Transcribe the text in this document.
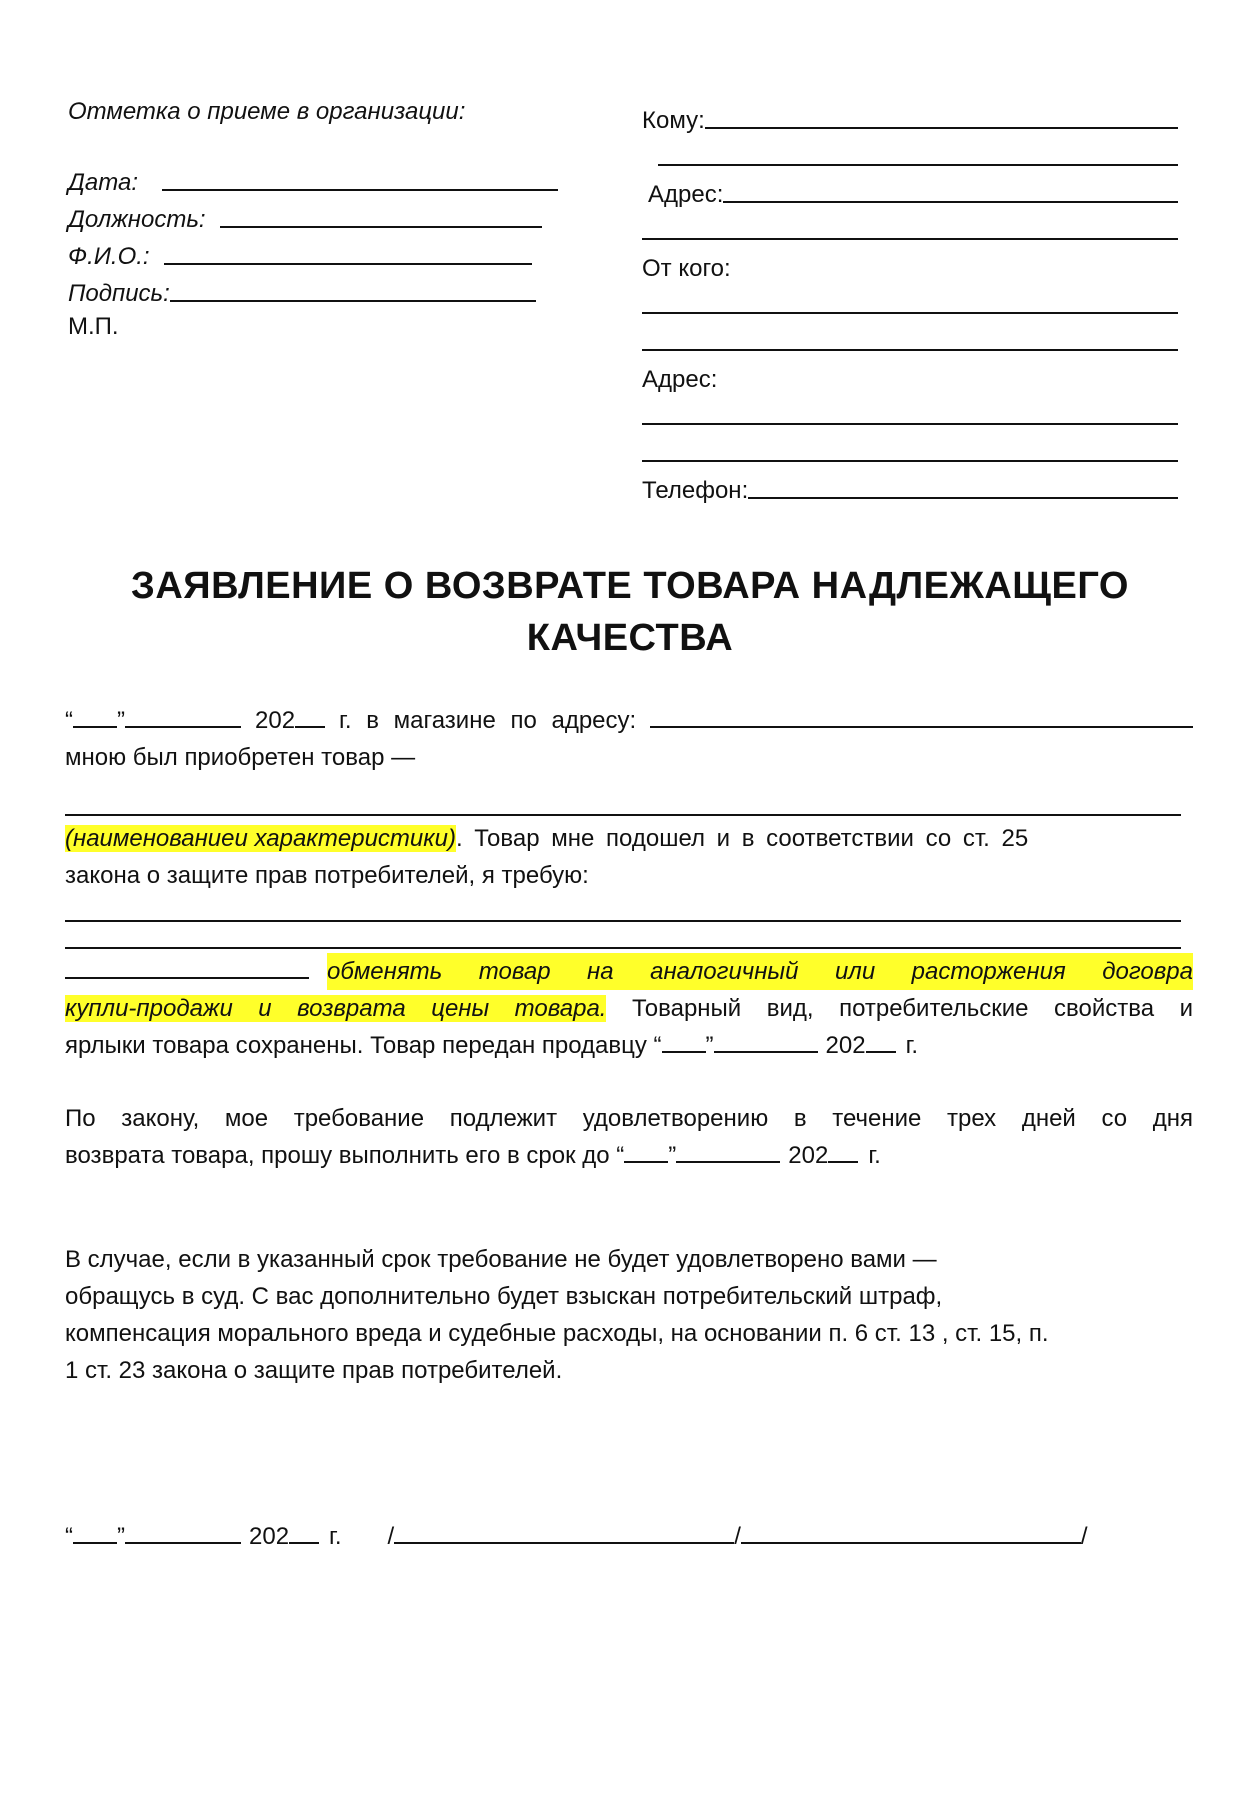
Отметка о приеме в организации:
Дата:
Должность:
Ф.И.О.:
Подпись:
М.П.
Кому:
Адрес:
От кого:
Адрес:
Телефон:
ЗАЯВЛЕНИЕ О ВОЗВРАТЕ ТОВАРА НАДЛЕЖАЩЕГО
КАЧЕСТВА
“ ”	202 г. в магазине по адресу:

мною был приобретен товар —

(наименованиеи характеристики). Товар мне подошел и в соответствии со ст. 25

закона о защите прав потребителей, я требую:

обменять товар на аналогичный или расторжения договра

купли-продажи и возврата цены товара. Товарный вид, потребительские свойства и

ярлыки товара сохранены. Товар передан продавцу “ ”	202 г.

По закону, мое требование подлежит удовлетворению в течение трех дней со дня

возврата товара, прошу выполнить его в срок до “ ”	202 г.

В случае, если в указанный срок требование не будет удовлетворено вами —

обращусь в суд. С вас дополнительно будет взыскан потребительский штраф,

компенсация морального вреда и судебные расходы, на основании п. 6 ст. 13 , ст. 15, п.

1 ст. 23 закона о защите прав потребителей.

“ ”	202 г. /	/	/
